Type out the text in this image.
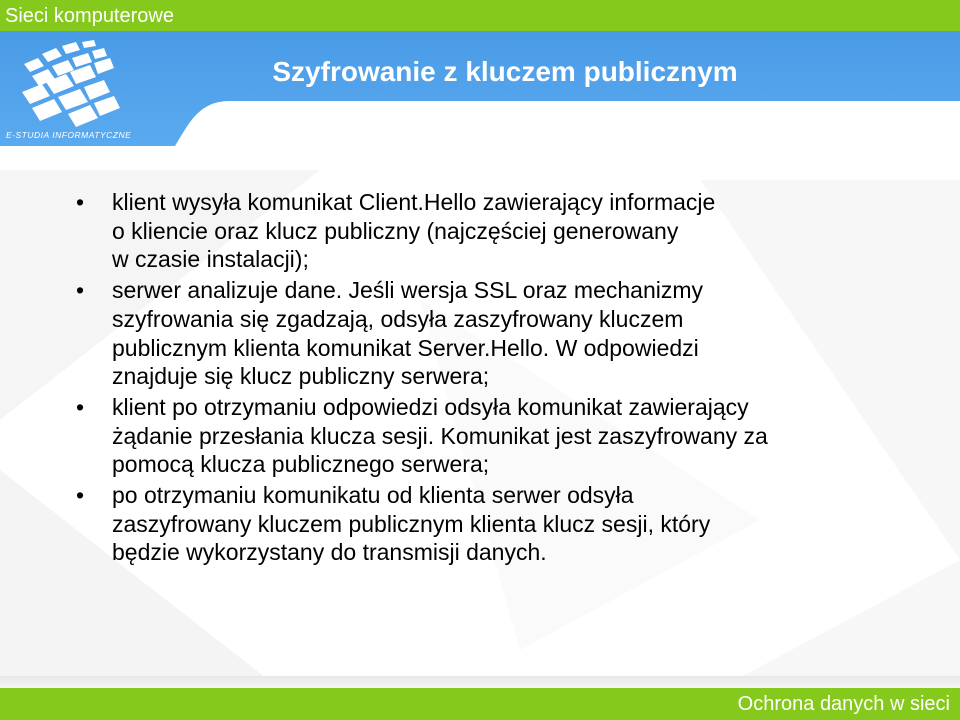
Sieci komputerowe
E-STUDIA INFORMATYCZNE
Szyfrowanie z kluczem publicznym
• klient wysyła komunikat Client.Hello zawierający informacje
o kliencie oraz klucz publiczny (najczęściej generowany
w czasie instalacji);
• serwer analizuje dane. Jeśli wersja SSL oraz mechanizmy
szyfrowania się zgadzają, odsyła zaszyfrowany kluczem
publicznym klienta komunikat Server.Hello. W odpowiedzi
znajduje się klucz publiczny serwera;
• klient po otrzymaniu odpowiedzi odsyła komunikat zawierający
żądanie przesłania klucza sesji. Komunikat jest zaszyfrowany za
pomocą klucza publicznego serwera;
• po otrzymaniu komunikatu od klienta serwer odsyła
zaszyfrowany kluczem publicznym klienta klucz sesji, który
będzie wykorzystany do transmisji danych.
Ochrona danych w sieci
